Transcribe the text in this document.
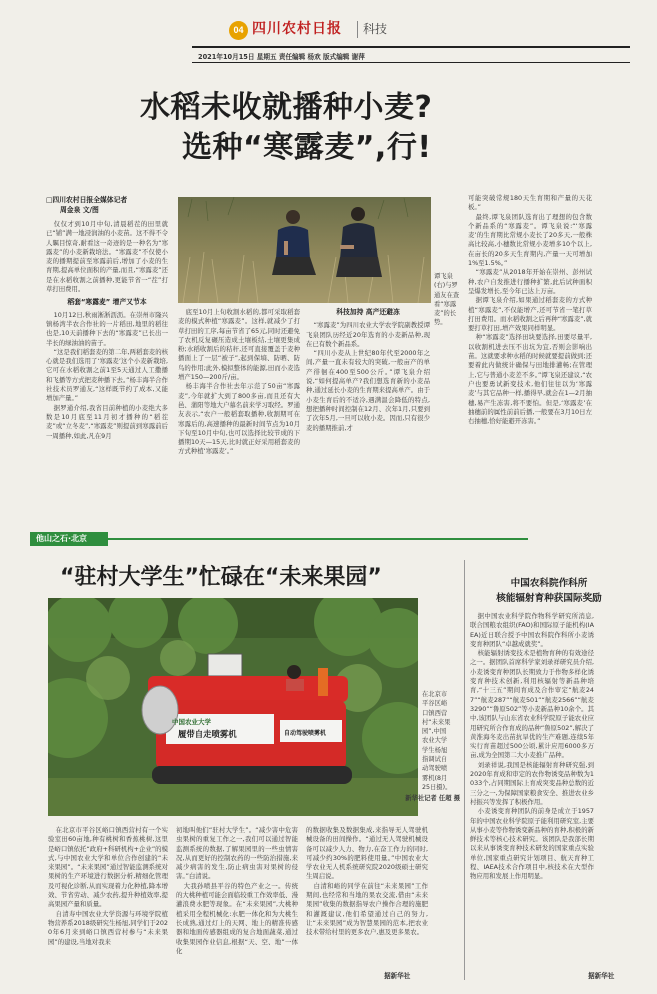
04 四川农村日报 科技
2021年10月15日 星期五 责任编辑 杨欢 版式编辑 谢萍
水稻未收就播种小麦?
选种“寒露麦”,行!
□四川农村日报全媒体记者
周金泉 文/图

仅仅才到10月中旬,清晨稻茬的田里就已“铺”满一地浸润油的小麦苗。这不得不令人瞩目惊奇,耐看这一奇迹的是一种名为“寒露麦”的小麦新栽培法。“寒露麦”不仅使小麦的播期提前至寒露前后,增加了小麦的生育期,提高单位面积的产量,而且,“寒露麦”还是在水稻收割之前播种,更能节省一“茬”打草打田费用。

稻套“寒露麦” 增产又节本

10月12日,秋雨淅淅沥沥。在崇州市隆兴镇杨湾半农合作社的一片稻田,地里的稻往也是,10天前播种下去的“寒露麦”已长出一半长的绿油油的苗子。

“这是我们稻套麦的第二年,两稻套麦的核心就是我们选用了‘寒露麦’这个小麦新栽培,它可在水稻收割之前1至5天通过人工撒播和飞播等方式把麦种播下去。”杨丰海半合作社技术员罗通友,“这样既节约了成本,又能增加产量。”

据罗通介绍,我省目前种植的小麦绝大多数是10月底至11月初才播种的“稻茬麦”或“立冬麦”,“寒露麦”则提前到寒露前后一周播种,如此,凡在9月

谭飞泉(右)与罗通友在查看“寒露麦”的长势。

底至10月上旬收割水稻的,都可采取稻套麦的模式种植“寒露麦”。这样,就减少了打草打田的工序,每亩节省了65元,同时还避免了农机反复碾压造成土壤板结,土壤更集成粉;水稻收割后的秸秆,还可直接覆盖于麦种播面上了一层“被子”,起到保墒、防晒、防鸟的作用;此外,模拟整体的能源,田而小麦选增产150—200斤/亩。

杨丰海半合作社去年示范了50亩“寒露麦”,今年就扩大到了800多亩,而且还有大邑、蒲阳等地大户慕名前来学习取经。罗通友表示,“农户一般稻套取播种,收割期可在寒露后的,高速播种的最新时间节点为10月下旬至10月中旬,也可以选择比较节成的下播期10天—15天,比时就正好采用稻套麦的方式种植‘寒露麦’。”

科技加持 高产还避冻

“寒露麦”为四川农业大学农学院副教授谭飞泉团队历经近20年选育的小麦新品种,现在已有数个新品系。

“四川小麦从上世纪80年代至2000年之间,产量一直未有较大的突破,一般亩产的单产徘徊在400至500公斤。”谭飞泉介绍说,“如何提高单产?我们想选育新的小麦品种,通过延长小麦的生育期来提高单产。由于小麦生育后的不适冷,遇满温会降低的特点,想把播种时间控制在12月、次年1月,只要到了次年5月,一旦可以收小麦。因而,只有很少麦的播期推前,才

可能突破常规180天生育期和产量的天花板。”

最终,谭飞泉团队选育出了理想的包含数个新品系的“寒露麦”。谭飞泉说:“‘寒露麦’的生育期比常规小麦长了20多天,一般株高比较高,小穗数比常规小麦增多10个以上,在亩长的20多天生育期内,产量一天可增加1%至1.5%。”

“寒露麦”从2018年开始在崇州、彭州试种,农户自发推进行播种扩繁,此后试种面积呈爆发增长,至今年已达上万亩。

据谭飞泉介绍,如果通过稻套麦的方式种植“寒露麦”,不仅能增产,还可节省一笔打草打田费用。而水稻收割之后再种“寒露麦”,就要打草打田,增产效果同样明显。

种“寒露麦”选择田块要选择,田要尽量平,以收割机进去压不出坑为宜,否则会影响出苗。这就要求种水稻的时候就要提前做到;还要着此内做统计确保与田地排灌畅;在管理上,它与普通小麦差不多。”谭飞泉还建议,“农户也要勇试新变技术,他们往往以为‘寒露麦’与其它品种一样,播得早,就会在1—2月抽穗,易产生冻害,将不要怕。但是,‘寒露麦’在抽穗前的属性前前后播,一般要在3月10日左右抽穗,恰好能避开冻害。”

他山之石·北京
“驻村大学生”忙碌在“未来果园”
中国农业大学
履带自走喷雾机	自动驾驶喷雾机
在北京市平谷区峪口镇西营村“未来果园”,中国农业大学学生杨旭指调试自动驾驶喷雾机(8月25日摄)。
新华社记者 任超 摄

在北京市平谷区峪口镇西营村有一个实验室田60亩地,种有桃树和香蕉桃树,这里是峪口镇依托“政府+科研机构+企业”的模式,与中国农业大学和单位合作创建的“未来果园”。“未来果园”通过智能监测系统对果树的生产环境进行数据分析,精细化管理及可视化诊断,从而实现着力化种植,降本增效、节省劳动、减少农药,提升种植效率,提高果园产量和质量。

自清寿中国农业大学资源与环境学院植物营养系2018级研究生杨旭,同学们于2020年6月来到峪口镇西营村参与“未来果园”的建设,当地对我来

初地叫他们“驻村大学生”。“减少害中危害虫果树的重复工作之一,我们可以通过智能监测系统的数据,了解果园里的一些虫情害况,从而更好的控制农药的一些防治措施,来减少病害的发生,防止病虫害对果树的侵害。”白清说。

大我孙喷县平谷的特色产业之一。传统的大桃种植可能会面临较重工作效率低、漫灌浪费水肥等现象。在“未来果园”,大桃种植采用全程机械化:水肥一体化和为大桃生长成熟,通过灯上的天网、地上的精准传感器和地面传感器组成的复合地面蔬菜,通过收集果园作业信息,根据“天、空、地”一体化

的数据收集及数据集成,来指导无人驾驶机械设备的田间操作。“通过无人驾驶机械设备可以减少人力、物力,在奋工作力的同时,可减少约30%的肥料使用量。”中国农业大学农业无人机系统研究院2020级硕士研究生周启说。

白清和峪的同学在前往“未来果园”工作期间,也经常和当地的果农交流,借由“未来果园”收集的数据指导农户操作合理的施肥和灌溉建议,他们希望通过自己的努力,让“未来果园”成为智慧果园的范本,把农业技术带给村里的更多农户,惠及更多果农。

据新华社
中国农科院作科所
核能辐射育种获国际奖励

据中国农业科学院作物科学研究所消息,联合国粮农组织(FAO)和国际原子能机构(IAEA)近日联合授予中国农科院作科所小麦诱变育种团队“卓越成就奖”。

核能辐射诱变技术是植物育种的有效途径之一。据团队首席科学家刘录祥研究员介绍,小麦诱变育种团队长期致力于作物多样化诱变育种技术创新,利用核辐射等新品种培育,“十三五”期间育成及合作审定“航麦247”“航麦287”“航麦501”“航麦2566”“航麦3290”“鲁原502”等小麦新品种10余个。其中,该团队与山东省农业科学院原子能农业应用研究所合作育成的品种“鲁原502”,解决了黄淮海冬麦出苗抗旱优的生产难题,连续5年实行育苗超过500公顷,累计应用6000多万亩,成为全国第二大小麦推广品种。

刘录祥说,我国是核能辐射育种研究强,到2020年育成和审定的农作物诱变品种数为1033个,占同期国际上育成突变品种总数的近三分之一,为保障国家粮食安全、推进农业乡村振兴等发挥了积极作用。

小麦诱变育种团队的前身是成立于1957年的中国农业科学院原子能利用研究室,主要从事小麦等作物诱变新品种的育种,积极的新鲜技术等核心技术研究。该团队是我部长期以来从事诱变育种技术研发的国家重点实验单位,国家重点研究计划项目、航天育种工程、IAEA技术合作项目中,核技术在大型作物应用和发展上作用明显。

据新华社
